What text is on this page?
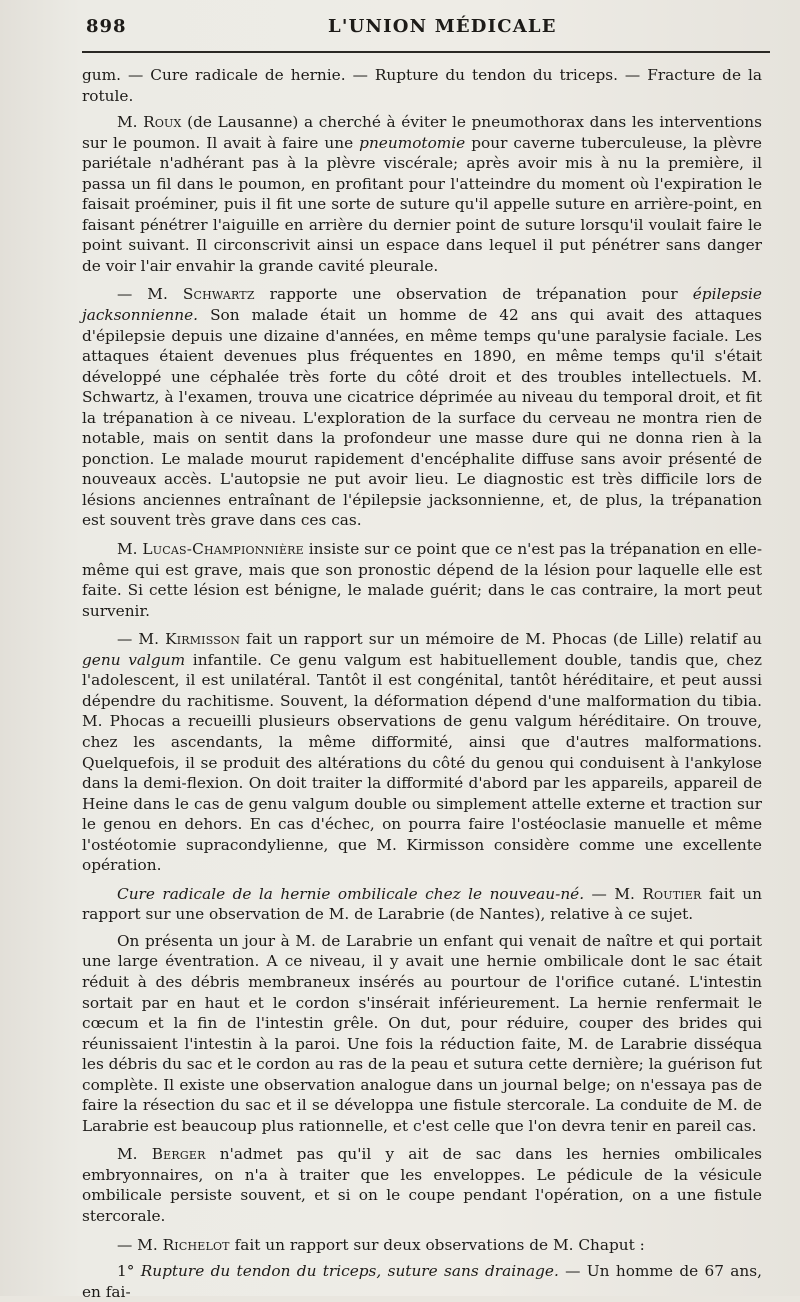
898	L'UNION MÉDICALE

gum. — Cure radicale de hernie. — Rupture du tendon du triceps. — Fracture de la rotule.

M. Roux (de Lausanne) a cherché à éviter le pneumothorax dans les interventions sur le poumon. Il avait à faire une pneumotomie pour caverne tuberculeuse, la plèvre pariétale n'adhérant pas à la plèvre viscérale; après avoir mis à nu la première, il passa un fil dans le poumon, en profitant pour l'atteindre du moment où l'expiration le faisait proéminer, puis il fit une sorte de suture qu'il appelle suture en arrière-point, en faisant pénétrer l'aiguille en arrière du dernier point de suture lorsqu'il voulait faire le point suivant. Il circonscrivit ainsi un espace dans lequel il put pénétrer sans danger de voir l'air envahir la grande cavité pleurale.

— M. Schwartz rapporte une observation de trépanation pour épilepsie jacksonnienne. Son malade était un homme de 42 ans qui avait des attaques d'épilepsie depuis une dizaine d'années, en même temps qu'une paralysie faciale. Les attaques étaient devenues plus fréquentes en 1890, en même temps qu'il s'était développé une céphalée très forte du côté droit et des troubles intellectuels. M. Schwartz, à l'examen, trouva une cicatrice déprimée au niveau du temporal droit, et fit la trépanation à ce niveau. L'exploration de la surface du cerveau ne montra rien de notable, mais on sentit dans la profondeur une masse dure qui ne donna rien à la ponction. Le malade mourut rapidement d'encéphalite diffuse sans avoir présenté de nouveaux accès. L'autopsie ne put avoir lieu. Le diagnostic est très difficile lors de lésions anciennes entraînant de l'épilepsie jacksonnienne, et, de plus, la trépanation est souvent très grave dans ces cas.

M. Lucas-Championnière insiste sur ce point que ce n'est pas la trépanation en elle-même qui est grave, mais que son pronostic dépend de la lésion pour laquelle elle est faite. Si cette lésion est bénigne, le malade guérit; dans le cas contraire, la mort peut survenir.

— M. Kirmisson fait un rapport sur un mémoire de M. Phocas (de Lille) relatif au genu valgum infantile. Ce genu valgum est habituellement double, tandis que, chez l'adolescent, il est unilatéral. Tantôt il est congénital, tantôt héréditaire, et peut aussi dépendre du rachitisme. Souvent, la déformation dépend d'une malformation du tibia. M. Phocas a recueilli plusieurs observations de genu valgum héréditaire. On trouve, chez les ascendants, la même difformité, ainsi que d'autres malformations. Quelquefois, il se produit des altérations du côté du genou qui conduisent à l'ankylose dans la demi-flexion. On doit traiter la difformité d'abord par les appareils, appareil de Heine dans le cas de genu valgum double ou simplement attelle externe et traction sur le genou en dehors. En cas d'échec, on pourra faire l'ostéoclasie manuelle et même l'ostéotomie supracondylienne, que M. Kirmisson considère comme une excellente opération.

Cure radicale de la hernie ombilicale chez le nouveau-né. — M. Routier fait un rapport sur une observation de M. de Larabrie (de Nantes), relative à ce sujet.

On présenta un jour à M. de Larabrie un enfant qui venait de naître et qui portait une large éventration. A ce niveau, il y avait une hernie ombilicale dont le sac était réduit à des débris membraneux insérés au pourtour de l'orifice cutané. L'intestin sortait par en haut et le cordon s'insérait inférieurement. La hernie renfermait le cœcum et la fin de l'intestin grêle. On dut, pour réduire, couper des brides qui réunissaient l'intestin à la paroi. Une fois la réduction faite, M. de Larabrie disséqua les débris du sac et le cordon au ras de la peau et sutura cette dernière; la guérison fut complète. Il existe une observation analogue dans un journal belge; on n'essaya pas de faire la résection du sac et il se développa une fistule stercorale. La conduite de M. de Larabrie est beaucoup plus rationnelle, et c'est celle que l'on devra tenir en pareil cas.

M. Berger n'admet pas qu'il y ait de sac dans les hernies ombilicales embryonnaires, on n'a à traiter que les enveloppes. Le pédicule de la vésicule ombilicale persiste souvent, et si on le coupe pendant l'opération, on a une fistule stercorale.

— M. Richelot fait un rapport sur deux observations de M. Chaput :

1° Rupture du tendon du triceps, suture sans drainage. — Un homme de 67 ans, en fai-
